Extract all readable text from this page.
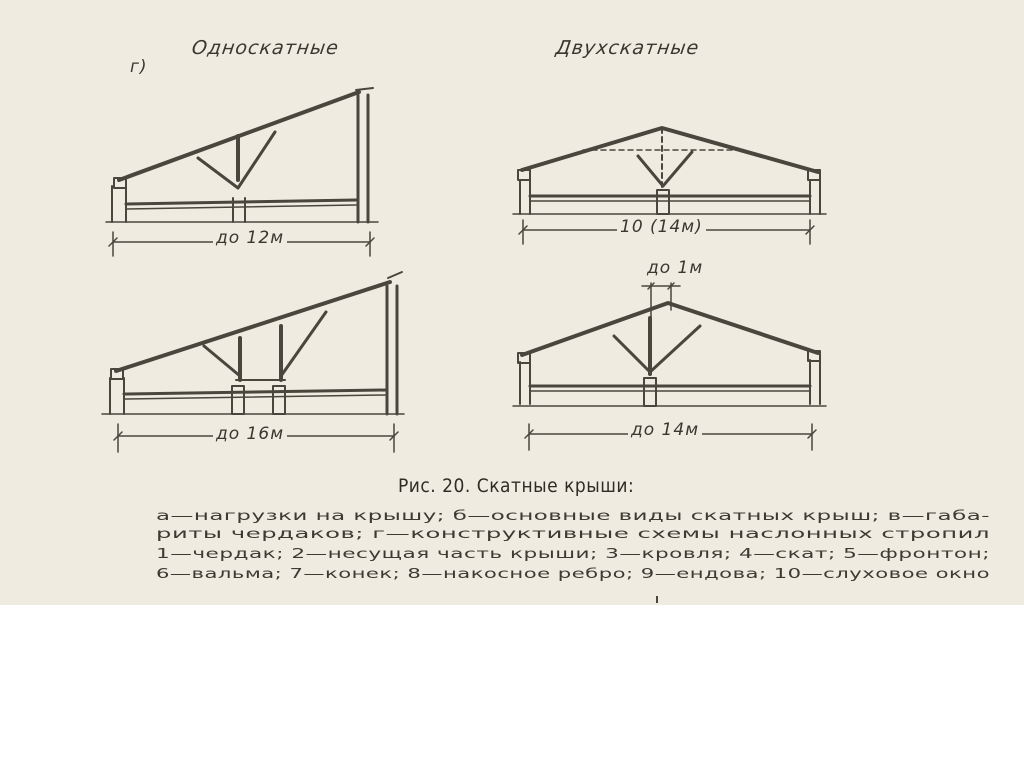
г)
Односкатные	Двухскатные
до 12м
до 16м
10 (14м)
до 1м
до 14м
Рис. 20. Скатные крыши:
а—нагрузки на крышу; б—основные виды скатных крыш; в—габа-
риты чердаков; г—конструктивные схемы наслонных стропил
1—чердак; 2—несущая часть крыши; 3—кровля; 4—скат; 5—фронтон;
6—вальма; 7—конек; 8—накосное ребро; 9—ендова; 10—слуховое окно
